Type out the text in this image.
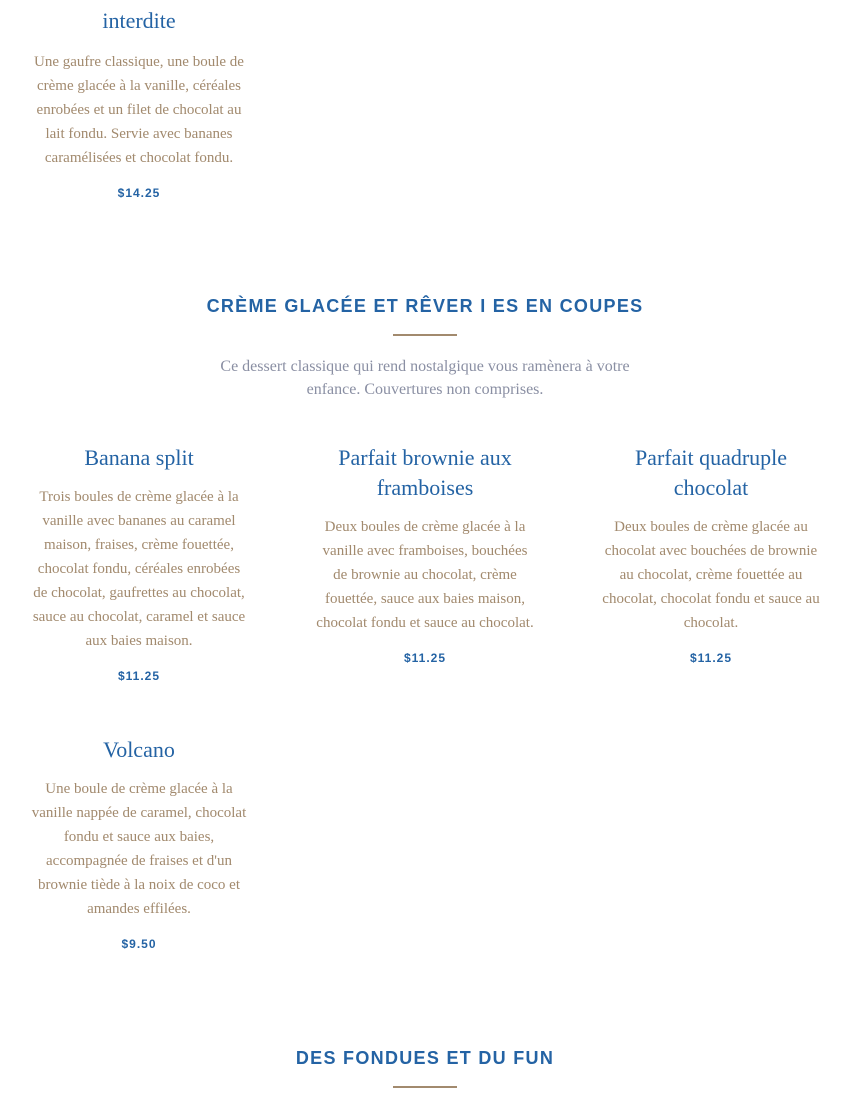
interdite

Une gaufre classique, une boule de crème glacée à la vanille, céréales enrobées et un filet de chocolat au lait fondu. Servie avec bananes caramélisées et chocolat fondu.

$14.25

CRÈME GLACÉE ET RÊVER I ES EN COUPES

Ce dessert classique qui rend nostalgique vous ramènera à votre enfance. Couvertures non comprises.

Banana split

Trois boules de crème glacée à la vanille avec bananes au caramel maison, fraises, crème fouettée, chocolat fondu, céréales enrobées de chocolat, gaufrettes au chocolat, sauce au chocolat, caramel et sauce aux baies maison.

$11.25

Parfait brownie aux framboises

Deux boules de crème glacée à la vanille avec framboises, bouchées de brownie au chocolat, crème fouettée, sauce aux baies maison, chocolat fondu et sauce au chocolat.

$11.25

Parfait quadruple chocolat

Deux boules de crème glacée au chocolat avec bouchées de brownie au chocolat, crème fouettée au chocolat, chocolat fondu et sauce au chocolat.

$11.25

Volcano

Une boule de crème glacée à la vanille nappée de caramel, chocolat fondu et sauce aux baies, accompagnée de fraises et d'un brownie tiède à la noix de coco et amandes effilées.

$9.50

DES FONDUES ET DU FUN
